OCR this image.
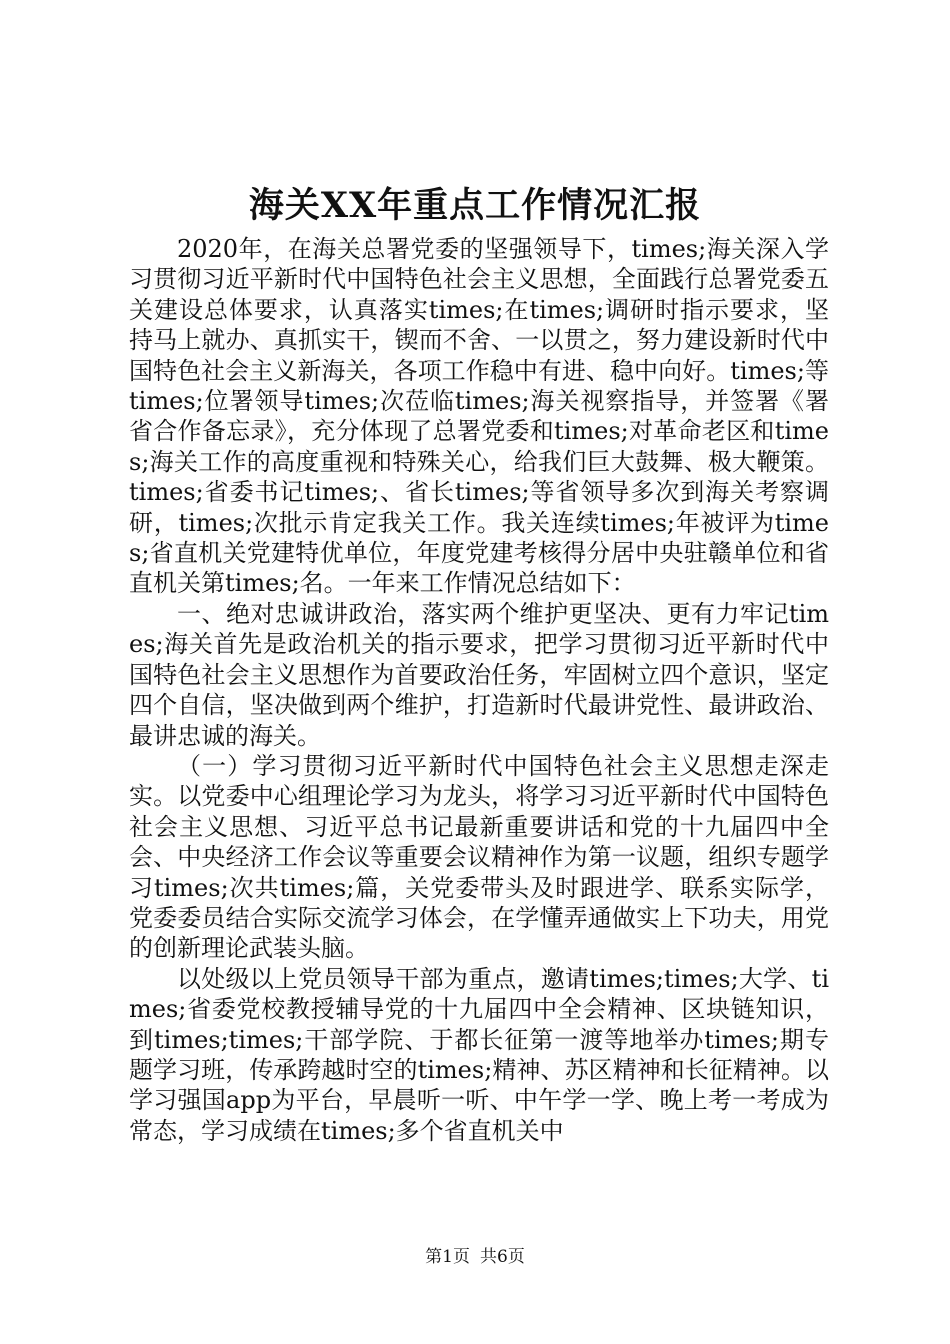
海关XX年重点工作情况汇报

2020年，在海关总署党委的坚强领导下，times;海关深入学习贯彻习近平新时代中国特色社会主义思想，全面践行总署党委五关建设总体要求，认真落实times;在times;调研时指示要求，坚持马上就办、真抓实干，锲而不舍、一以贯之，努力建设新时代中国特色社会主义新海关，各项工作稳中有进、稳中向好。times;等times;位署领导times;次莅临times;海关视察指导，并签署《署省合作备忘录》，充分体现了总署党委和times;对革命老区和times;海关工作的高度重视和特殊关心，给我们巨大鼓舞、极大鞭策。times;省委书记times;、省长times;等省领导多次到海关考察调研，times;次批示肯定我关工作。我关连续times;年被评为times;省直机关党建特优单位，年度党建考核得分居中央驻赣单位和省直机关第times;名。一年来工作情况总结如下：

一、绝对忠诚讲政治，落实两个维护更坚决、更有力牢记times;海关首先是政治机关的指示要求，把学习贯彻习近平新时代中国特色社会主义思想作为首要政治任务，牢固树立四个意识，坚定四个自信，坚决做到两个维护，打造新时代最讲党性、最讲政治、最讲忠诚的海关。

（一）学习贯彻习近平新时代中国特色社会主义思想走深走实。以党委中心组理论学习为龙头，将学习习近平新时代中国特色社会主义思想、习近平总书记最新重要讲话和党的十九届四中全会、中央经济工作会议等重要会议精神作为第一议题，组织专题学习times;次共times;篇，关党委带头及时跟进学、联系实际学，党委委员结合实际交流学习体会，在学懂弄通做实上下功夫，用党的创新理论武装头脑。

以处级以上党员领导干部为重点，邀请times;times;大学、times;省委党校教授辅导党的十九届四中全会精神、区块链知识，到times;times;干部学院、于都长征第一渡等地举办times;期专题学习班，传承跨越时空的times;精神、苏区精神和长征精神。以学习强国app为平台，早晨听一听、中午学一学、晚上考一考成为常态，学习成绩在times;多个省直机关中

第1页 共6页
